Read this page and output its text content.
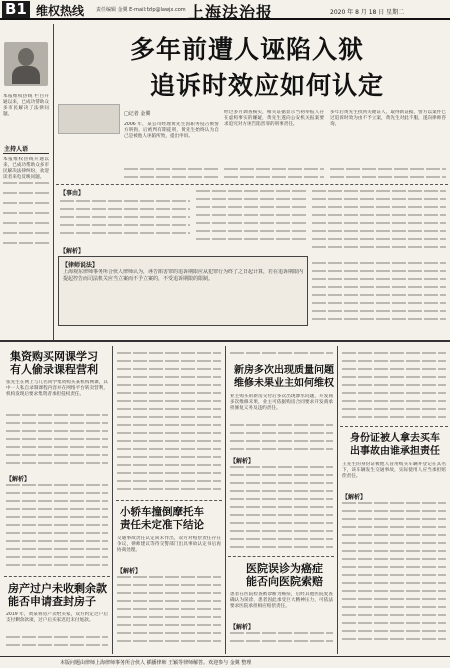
B1 维权热线 责任编辑 金翼 E-mail:fzlp@lawjx.com 上海法治报	2020 年 8 月 18 日 星期二
本报维权热线 栏目开通以来，已成功帮助众多市民解决了法律问题。
主持人语
本报维权热线开通以来，已成功帮助众多市民解决法律纠纷，欢迎读者来电反映问题。
多年前遭人诬陷入狱
追诉时效应如何认定
□记者 金翼
2006 年，某公司经理黄先生因职务侵占被警方刑拘，后被判有期徒刑，黄先生始终认为自己是被他人诬陷所致，提出申诉。
经过多方调查核实，相关证据显示当初举报人存在虚构事实的嫌疑，黄先生遂向公安机关报案要求追究对方诬告陷害罪的刑事责任。
多年后黄先生找到关键证人，取得新证据，警方以案件已过追诉时效为由不予立案，黄先生对此不服，遂向律师咨询。
【事由】
【解析】
【律师说法】
上海观东律师事务所合伙人律师认为，诬告陷害罪的追诉期限应从犯罪行为终了之日起计算，若在追诉期限内提起控告而司法机关应当立案而不予立案的，不受追诉期限的限制。
集资购买网课学习
有人偷录课程营利
【解析】
张先生在网上与几名同学集资购买某机构网课，其中一人私自录制课程内容并在网络平台转卖营利，机构发现后要求集资者承担侵权责任。
房产过户未收剩余款
能否申请查封房子
2019 年，黄某将房产卖给买家，双方约定过户后支付剩余款项，过户后买家迟迟未付尾款。
小轿车撞倒摩托车
责任未定准下结论
交通事故责任认定尚未作出，双方对赔偿责任存在争议，律师建议等待交警部门出具事故认定书后再协商处理。
【解析】
新房多次出现质量问题
维修未果业主如何维权
业主购买的新房交付后多次出现渗水问题，开发商多次维修未果，业主可依据购房合同要求开发商承担修复义务及违约责任。
【解析】
医院误诊为癌症
能否向医院索赔
患者在医院检查被诊断为癌症，后经其他医院复查确认为误诊，患者因此承受巨大精神压力，可依法要求医院承担相应赔偿责任。
【解析】
身份证被人拿去买车
出事故由谁承担责任
王先生的身份证被他人冒用购买车辆并登记在其名下，该车辆发生交通事故，实际使用人应当承担赔偿责任。
【解析】
本版问题由律师上海律师事务所合伙人 插播律师 王颖等律师解答。欢迎参与 金翼 整理
